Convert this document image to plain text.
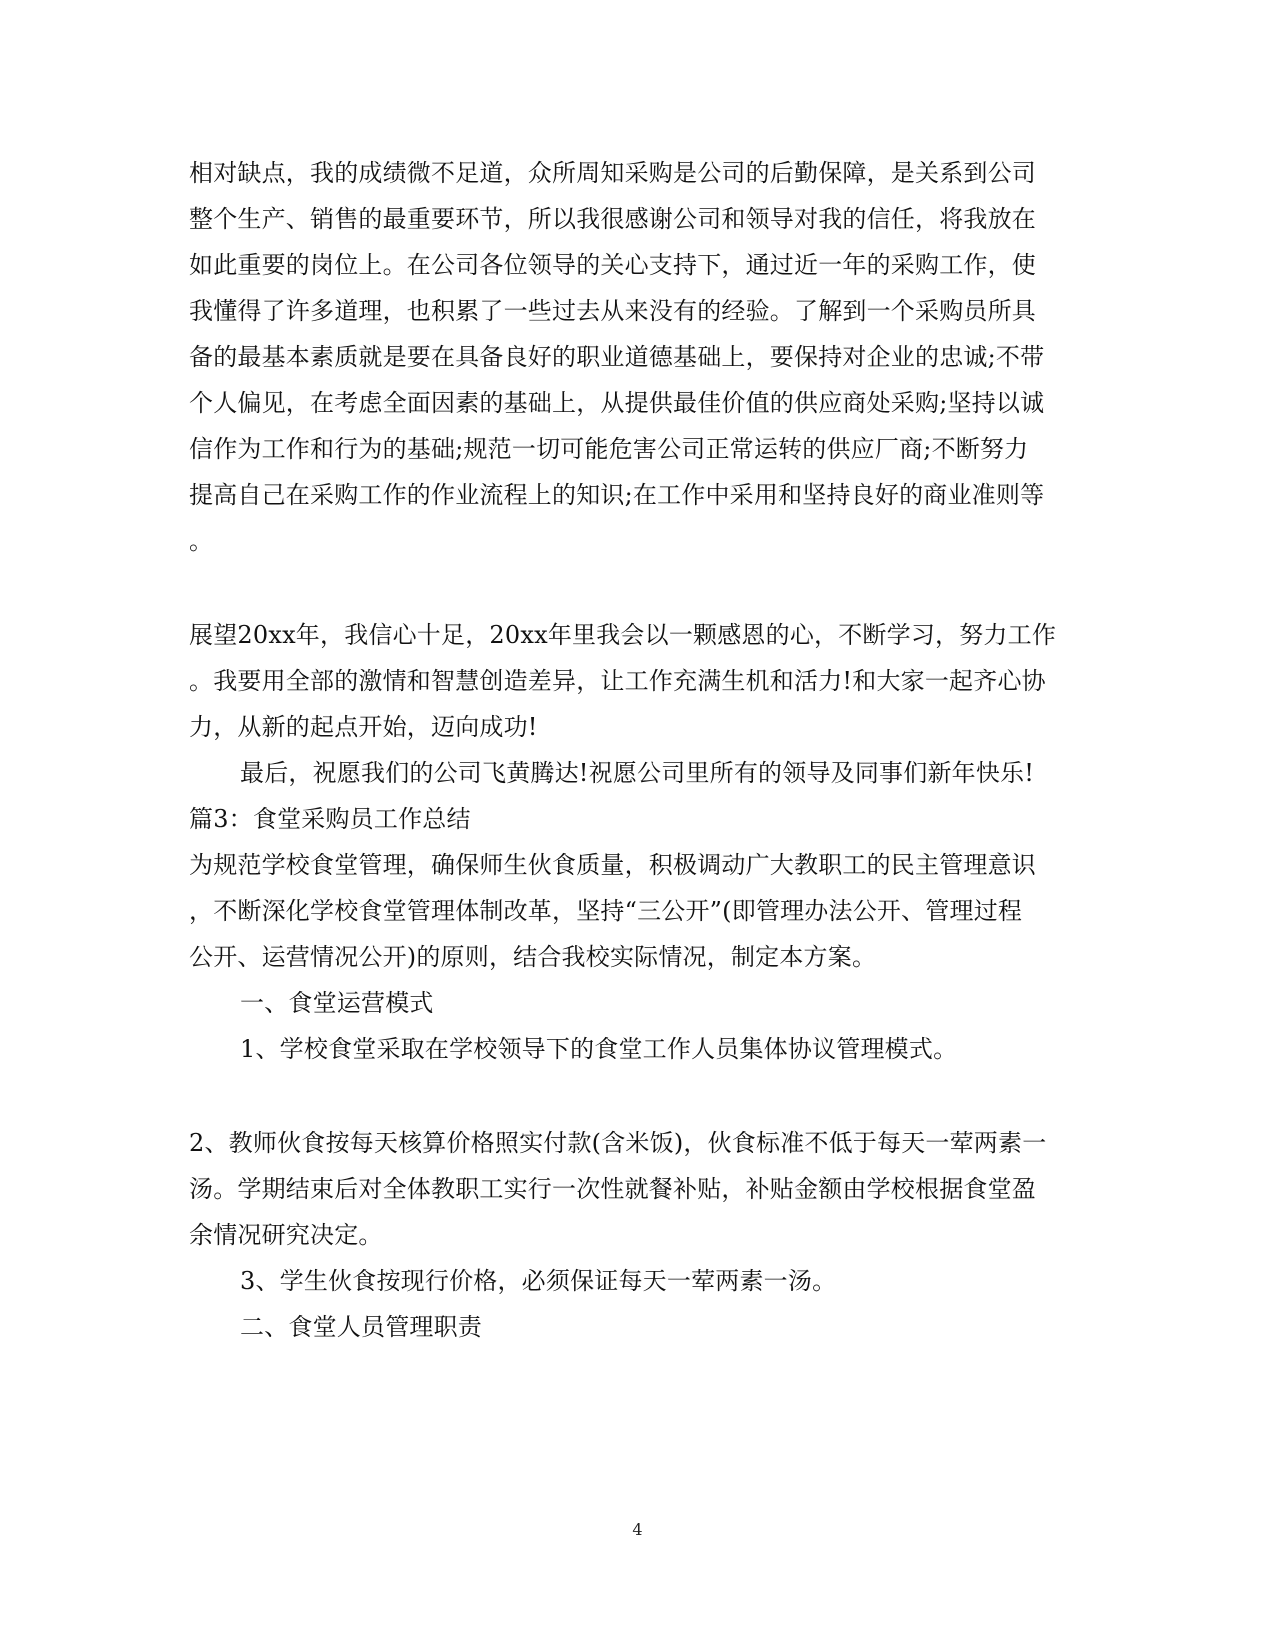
相对缺点，我的成绩微不足道，众所周知采购是公司的后勤保障，是关系到公司
整个生产、销售的最重要环节，所以我很感谢公司和领导对我的信任，将我放在
如此重要的岗位上。在公司各位领导的关心支持下，通过近一年的采购工作，使
我懂得了许多道理，也积累了一些过去从来没有的经验。了解到一个采购员所具
备的最基本素质就是要在具备良好的职业道德基础上，要保持对企业的忠诚;不带
个人偏见，在考虑全面因素的基础上，从提供最佳价值的供应商处采购;坚持以诚
信作为工作和行为的基础;规范一切可能危害公司正常运转的供应厂商;不断努力
提高自己在采购工作的作业流程上的知识;在工作中采用和坚持良好的商业准则等
。
展望20xx年，我信心十足，20xx年里我会以一颗感恩的心，不断学习，努力工作
。我要用全部的激情和智慧创造差异，让工作充满生机和活力!和大家一起齐心协
力，从新的起点开始，迈向成功!
最后，祝愿我们的公司飞黄腾达!祝愿公司里所有的领导及同事们新年快乐!
篇3：食堂采购员工作总结
为规范学校食堂管理，确保师生伙食质量，积极调动广大教职工的民主管理意识
，不断深化学校食堂管理体制改革，坚持“三公开”(即管理办法公开、管理过程
公开、运营情况公开)的原则，结合我校实际情况，制定本方案。
一、食堂运营模式
1、学校食堂采取在学校领导下的食堂工作人员集体协议管理模式。
2、教师伙食按每天核算价格照实付款(含米饭)，伙食标准不低于每天一荤两素一
汤。学期结束后对全体教职工实行一次性就餐补贴，补贴金额由学校根据食堂盈
余情况研究决定。
3、学生伙食按现行价格，必须保证每天一荤两素一汤。
二、食堂人员管理职责
4
